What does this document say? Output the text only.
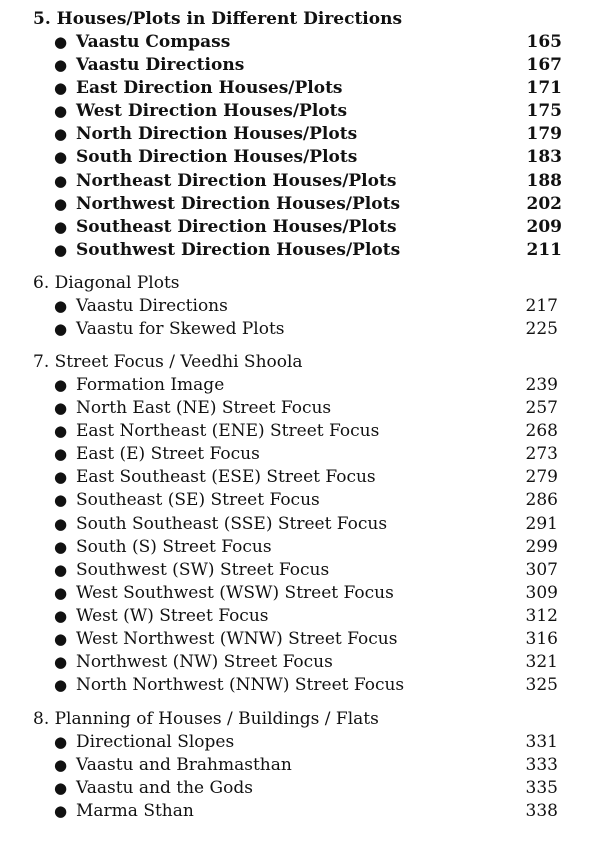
5. Houses/Plots in Different Directions
● Vaastu Compass	165
● Vaastu Directions	167
● East Direction Houses/Plots	171
● West Direction Houses/Plots	175
● North Direction Houses/Plots	179
● South Direction Houses/Plots	183
● Northeast Direction Houses/Plots	188
● Northwest Direction Houses/Plots	202
● Southeast Direction Houses/Plots	209
● Southwest Direction Houses/Plots	211
6. Diagonal Plots
● Vaastu Directions	217
● Vaastu for Skewed Plots	225
7. Street Focus / Veedhi Shoola
● Formation Image	239
● North East (NE) Street Focus	257
● East Northeast (ENE) Street Focus	268
● East (E) Street Focus	273
● East Southeast (ESE) Street Focus	279
● Southeast (SE) Street Focus	286
● South Southeast (SSE) Street Focus	291
● South (S) Street Focus	299
● Southwest (SW) Street Focus	307
● West Southwest (WSW) Street Focus	309
● West (W) Street Focus	312
● West Northwest (WNW) Street Focus	316
● Northwest (NW) Street Focus	321
● North Northwest (NNW) Street Focus	325
8. Planning of Houses / Buildings / Flats
● Directional Slopes	331
● Vaastu and Brahmasthan	333
● Vaastu and the Gods	335
● Marma Sthan	338
